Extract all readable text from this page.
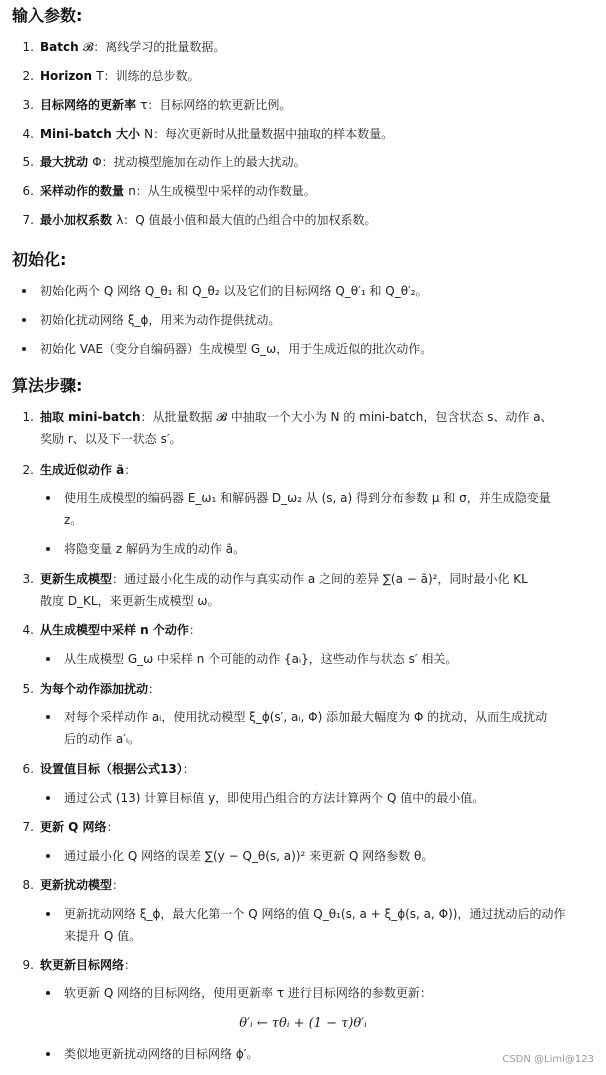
输入参数:
1. Batch 𝓑：离线学习的批量数据。
2. Horizon T：训练的总步数。
3. 目标网络的更新率 τ：目标网络的软更新比例。
4. Mini-batch 大小 N：每次更新时从批量数据中抽取的样本数量。
5. 最大扰动 Φ：扰动模型施加在动作上的最大扰动。
6. 采样动作的数量 n：从生成模型中采样的动作数量。
7. 最小加权系数 λ：Q 值最小值和最大值的凸组合中的加权系数。
初始化:
初始化两个 Q 网络 Q_θ₁ 和 Q_θ₂ 以及它们的目标网络 Q_θ′₁ 和 Q_θ′₂。
初始化扰动网络 ξ_ϕ，用来为动作提供扰动。
初始化 VAE（变分自编码器）生成模型 G_ω，用于生成近似的批次动作。
算法步骤:
1. 抽取 mini-batch：从批量数据 𝓑 中抽取一个大小为 N 的 mini-batch，包含状态 s、动作 a、
奖励 r、以及下一状态 s′。
2. 生成近似动作 ã：
使用生成模型的编码器 E_ω₁ 和解码器 D_ω₂ 从 (s, a) 得到分布参数 μ 和 σ，并生成隐变量
z。
将隐变量 z 解码为生成的动作 ã。
3. 更新生成模型：通过最小化生成的动作与真实动作 a 之间的差异 ∑(a − ã)²，同时最小化 KL
散度 D_KL，来更新生成模型 ω。
4. 从生成模型中采样 n 个动作：
从生成模型 G_ω 中采样 n 个可能的动作 {aᵢ}，这些动作与状态 s′ 相关。
5. 为每个动作添加扰动：
对每个采样动作 aᵢ，使用扰动模型 ξ_ϕ(s′, aᵢ, Φ) 添加最大幅度为 Φ 的扰动，从而生成扰动
后的动作 a′ᵢ。
6. 设置值目标（根据公式13）：
通过公式 (13) 计算目标值 y，即使用凸组合的方法计算两个 Q 值中的最小值。
7. 更新 Q 网络：
通过最小化 Q 网络的误差 ∑(y − Q_θ(s, a))² 来更新 Q 网络参数 θ。
8. 更新扰动模型：
更新扰动网络 ξ_ϕ，最大化第一个 Q 网络的值 Q_θ₁(s, a + ξ_ϕ(s, a, Φ))，通过扰动后的动作
来提升 Q 值。
9. 软更新目标网络：
软更新 Q 网络的目标网络，使用更新率 τ 进行目标网络的参数更新：
θ′ᵢ ← τθᵢ + (1 − τ)θ′ᵢ
类似地更新扰动网络的目标网络 ϕ′。	CSDN @Liml@123
